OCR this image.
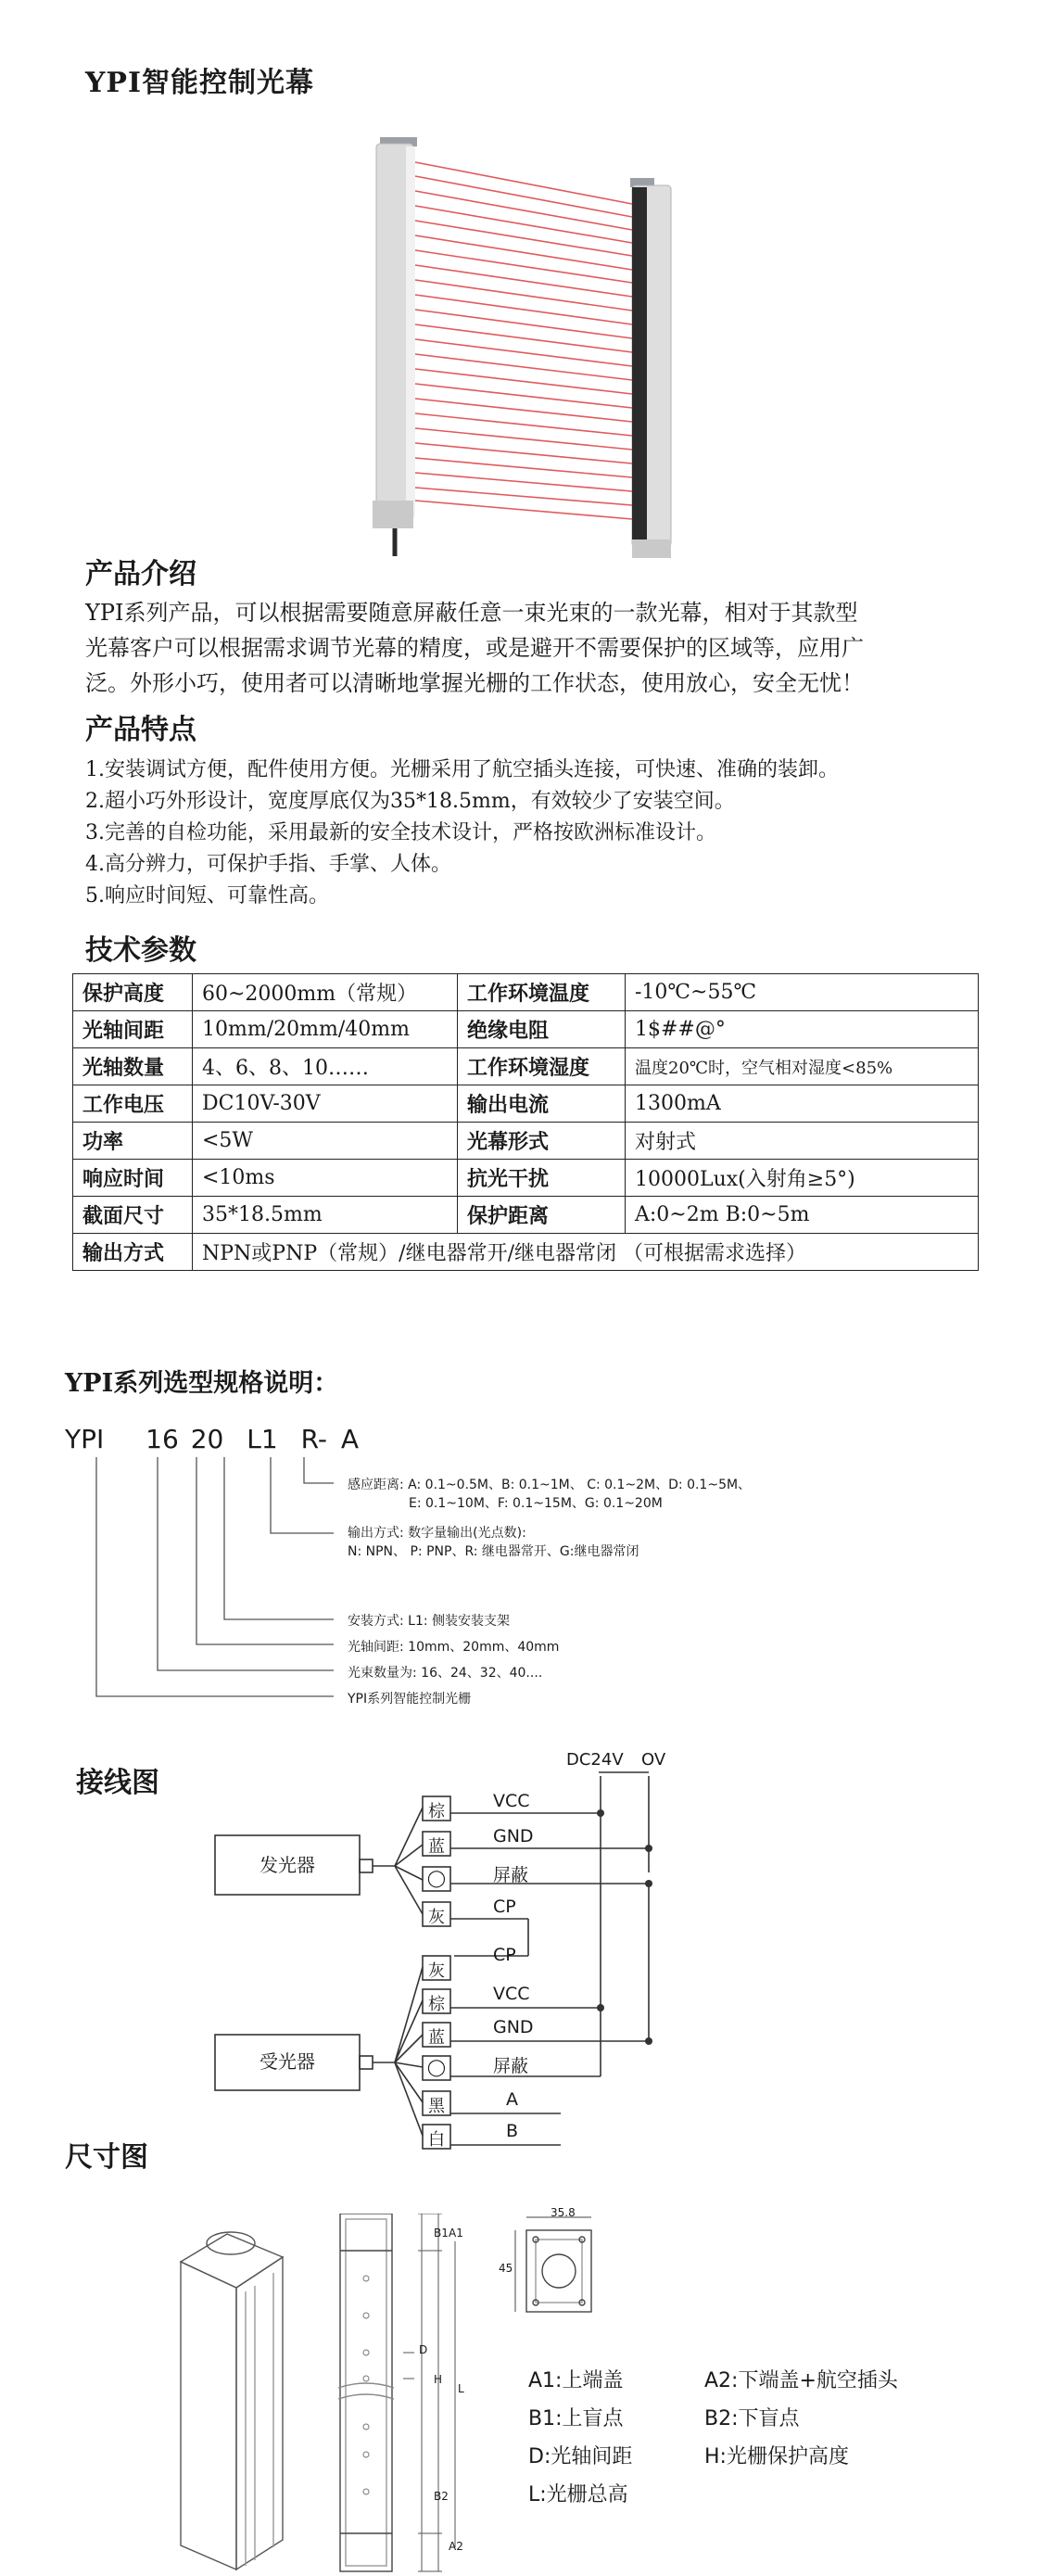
YPI智能控制光幕
产品介绍
YPI系列产品，可以根据需要随意屏蔽任意一束光束的一款光幕，相对于其款型
光幕客户可以根据需求调节光幕的精度，或是避开不需要保护的区域等，应用广
泛。外形小巧，使用者可以清晰地掌握光栅的工作状态，使用放心，安全无忧！
产品特点
1.安装调试方便，配件使用方便。光栅采用了航空插头连接，可快速、准确的装卸。
2.超小巧外形设计，宽度厚底仅为35*18.5mm，有效较少了安装空间。
3.完善的自检功能，采用最新的安全技术设计，严格按欧洲标准设计。
4.高分辨力，可保护手指、手掌、人体。
5.响应时间短、可靠性高。
技术参数
保护高度	60~2000mm（常规）	工作环境温度	-10℃~55℃
光轴间距	10mm/20mm/40mm	绝缘电阻	1$##@°
光轴数量	4、6、8、10……	工作环境湿度	温度20℃时，空气相对湿度<85%
工作电压	DC10V-30V	输出电流	1300mA
功率	<5W	光幕形式	对射式
响应时间	<10ms	抗光干扰	10000Lux(入射角≥5°)
截面尺寸	35*18.5mm	保护距离	A:0~2m B:0~5m
输出方式	NPN或PNP（常规）/继电器常开/继电器常闭 （可根据需求选择）		
YPI系列选型规格说明：
YPI 16 20 L1 R- A
感应距离: A: 0.1~0.5M、B: 0.1~1M、 C: 0.1~2M、D: 0.1~5M、
E: 0.1~10M、F: 0.1~15M、G: 0.1~20M
输出方式: 数字量输出(光点数):
N: NPN、 P: PNP、R: 继电器常开、G:继电器常闭
安装方式: L1: 侧装安装支架
光轴间距: 10mm、20mm、40mm
光束数量为: 16、24、32、40....
YPI系列智能控制光栅
接线图
DC24V OV
发光器
受光器
棕
蓝
◯
灰
VCC
GND
屏蔽
CP
灰
棕
蓝
◯
黑
白
CP
VCC
GND
屏蔽
A
B
尺寸图
B1 A1
D
H
L
B2
A2
35.8
45
A1:上端盖	A2:下端盖+航空插头
B1:上盲点	B2:下盲点
D:光轴间距	H:光栅保护高度
L:光栅总高
